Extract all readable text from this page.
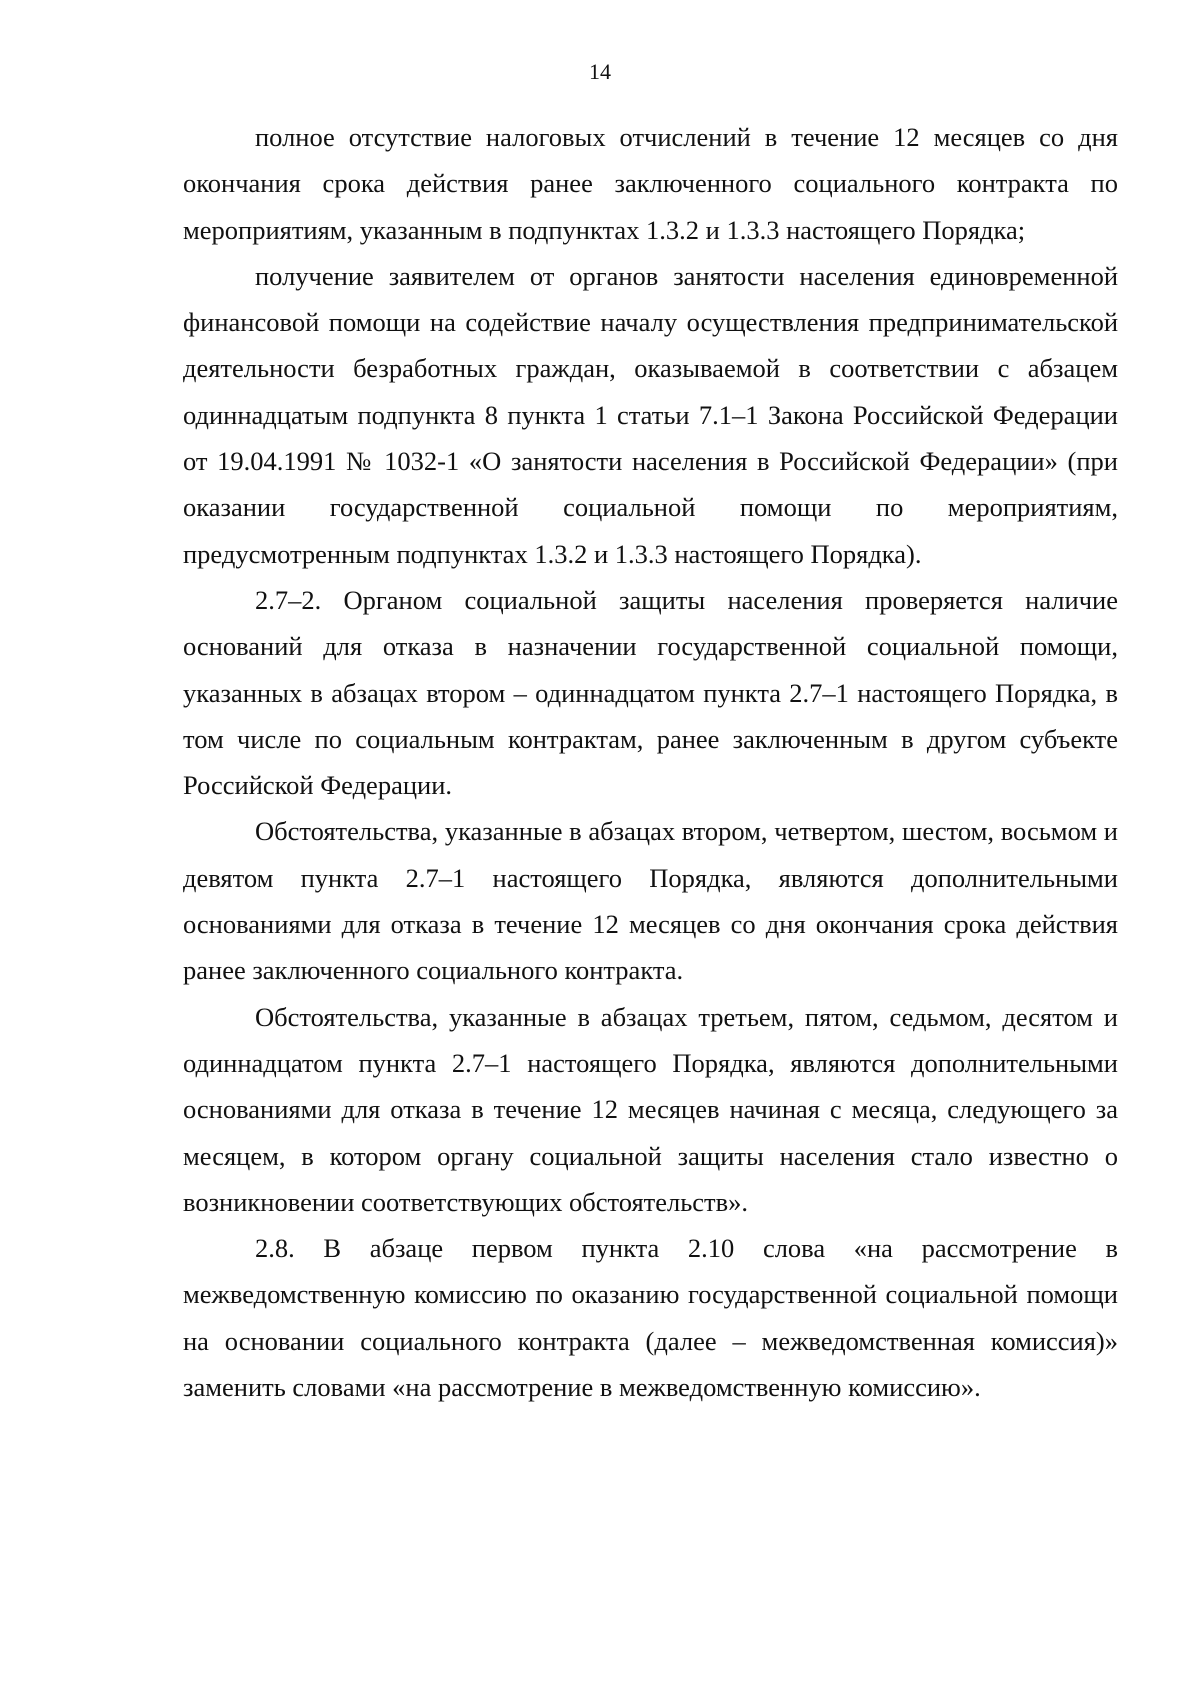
14

полное отсутствие налоговых отчислений в течение 12 месяцев со дня окончания срока действия ранее заключенного социального контракта по мероприятиям, указанным в подпунктах 1.3.2 и 1.3.3 настоящего Порядка;

получение заявителем от органов занятости населения единовременной финансовой помощи на содействие началу осуществления предпринимательской деятельности безработных граждан, оказываемой в соответствии с абзацем одиннадцатым подпункта 8 пункта 1 статьи 7.1–1 Закона Российской Федерации от 19.04.1991 № 1032-1 «О занятости населения в Российской Федерации» (при оказании государственной социальной помощи по мероприятиям, предусмотренным подпунктах 1.3.2 и 1.3.3 настоящего Порядка).

2.7–2. Органом социальной защиты населения проверяется наличие оснований для отказа в назначении государственной социальной помощи, указанных в абзацах втором – одиннадцатом пункта 2.7–1 настоящего Порядка, в том числе по социальным контрактам, ранее заключенным в другом субъекте Российской Федерации.

Обстоятельства, указанные в абзацах втором, четвертом, шестом, восьмом и девятом пункта 2.7–1 настоящего Порядка, являются дополнительными основаниями для отказа в течение 12 месяцев со дня окончания срока действия ранее заключенного социального контракта.

Обстоятельства, указанные в абзацах третьем, пятом, седьмом, десятом и одиннадцатом пункта 2.7–1 настоящего Порядка, являются дополнительными основаниями для отказа в течение 12 месяцев начиная с месяца, следующего за месяцем, в котором органу социальной защиты населения стало известно о возникновении соответствующих обстоятельств».

2.8. В абзаце первом пункта 2.10 слова «на рассмотрение в межведомственную комиссию по оказанию государственной социальной помощи на основании социального контракта (далее – межведомственная комиссия)» заменить словами «на рассмотрение в межведомственную комиссию».
